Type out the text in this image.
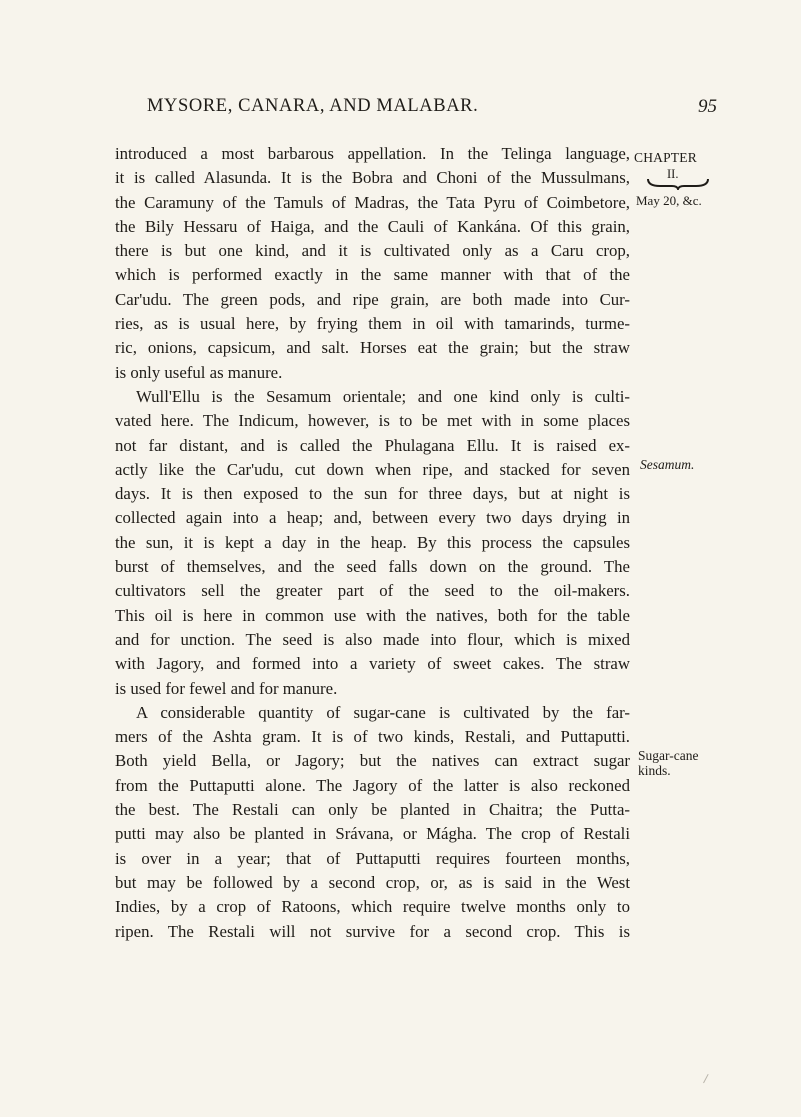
MYSORE, CANARA, AND MALABAR.	95
introduced a most barbarous appellation. In the Telinga language,
it is called Alasunda. It is the Bobra and Choni of the Mussulmans,
the Caramuny of the Tamuls of Madras, the Tata Pyru of Coimbetore,
the Bily Hessaru of Haiga, and the Cauli of Kankána. Of this grain,
there is but one kind, and it is cultivated only as a Caru crop,
which is performed exactly in the same manner with that of the
Car'udu. The green pods, and ripe grain, are both made into Cur-
ries, as is usual here, by frying them in oil with tamarinds, turme-
ric, onions, capsicum, and salt. Horses eat the grain; but the straw
is only useful as manure.
Wull'Ellu is the Sesamum orientale; and one kind only is culti-
vated here. The Indicum, however, is to be met with in some places
not far distant, and is called the Phulagana Ellu. It is raised ex-
actly like the Car'udu, cut down when ripe, and stacked for seven
days. It is then exposed to the sun for three days, but at night is
collected again into a heap; and, between every two days drying in
the sun, it is kept a day in the heap. By this process the capsules
burst of themselves, and the seed falls down on the ground. The
cultivators sell the greater part of the seed to the oil-makers.
This oil is here in common use with the natives, both for the table
and for unction. The seed is also made into flour, which is mixed
with Jagory, and formed into a variety of sweet cakes. The straw
is used for fewel and for manure.
A considerable quantity of sugar-cane is cultivated by the far-
mers of the Ashta gram. It is of two kinds, Restali, and Puttaputti.
Both yield Bella, or Jagory; but the natives can extract sugar
from the Puttaputti alone. The Jagory of the latter is also reckoned
the best. The Restali can only be planted in Chaitra; the Putta-
putti may also be planted in Srávana, or Mágha. The crop of Restali
is over in a year; that of Puttaputti requires fourteen months,
but may be followed by a second crop, or, as is said in the West
Indies, by a crop of Ratoons, which require twelve months only to
ripen. The Restali will not survive for a second crop. This is
CHAPTER
II.
May 20, &c.
Sesamum.
Sugar-cane
kinds.
